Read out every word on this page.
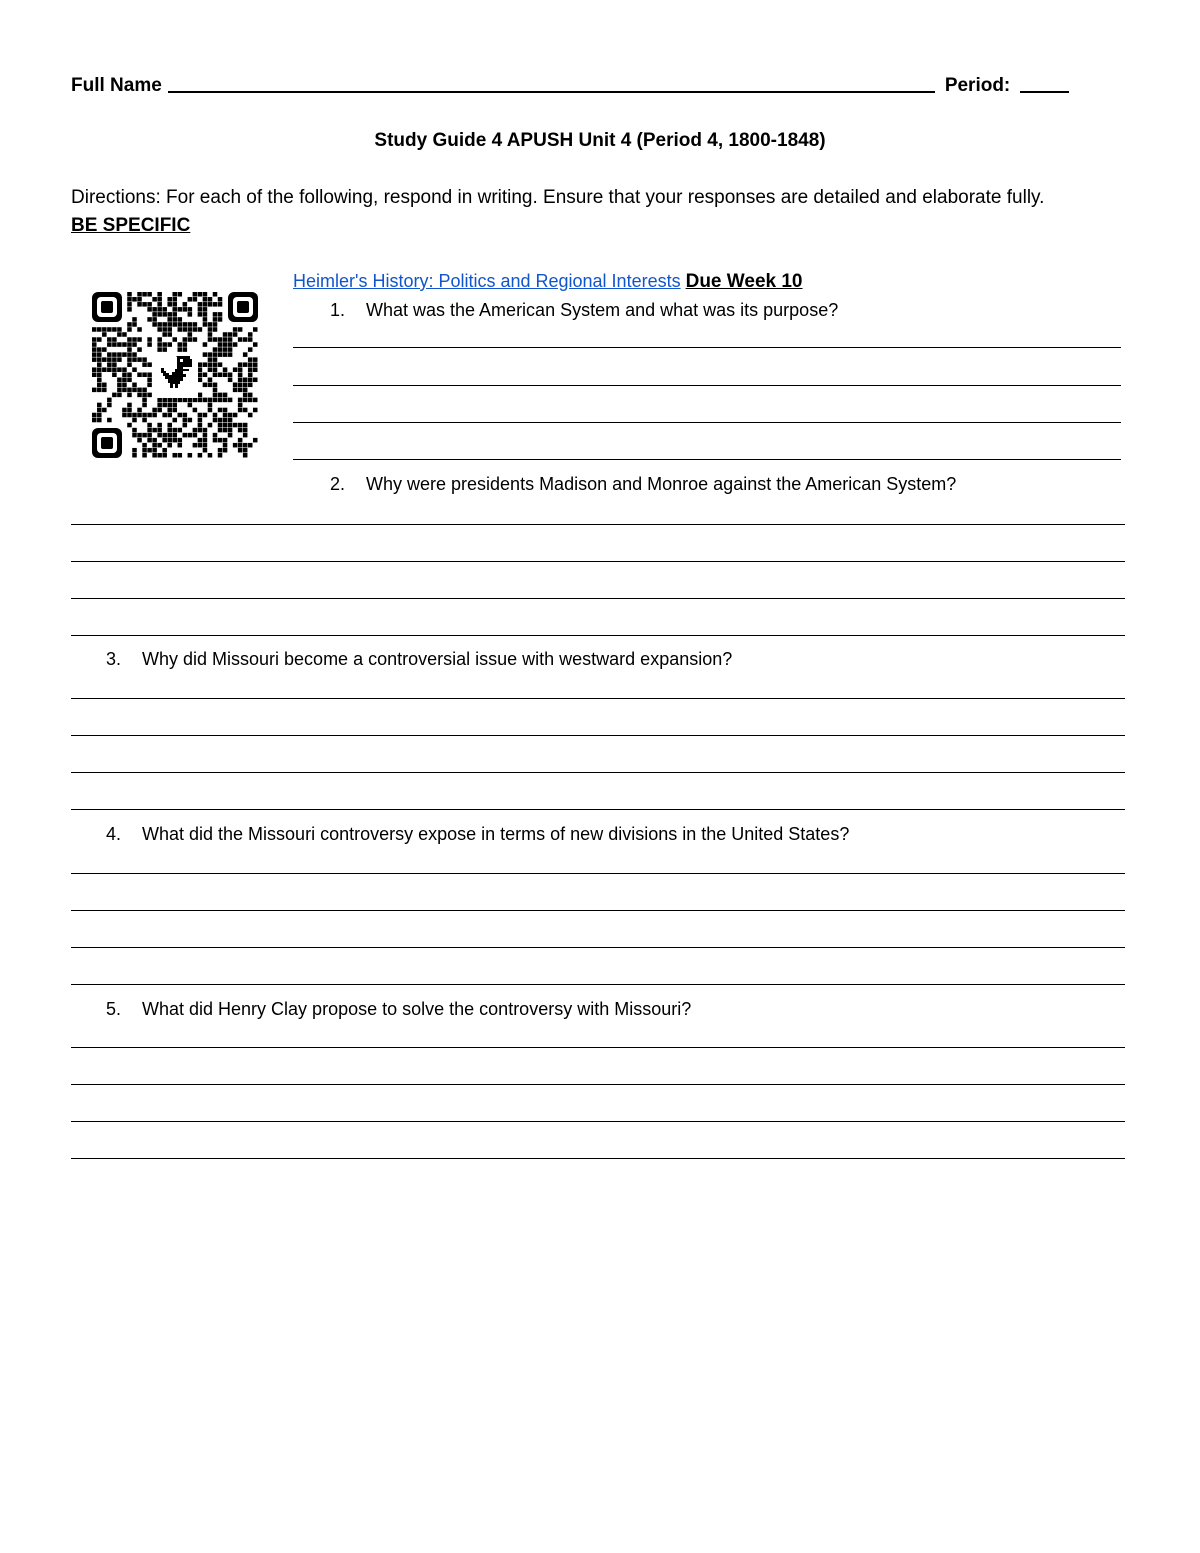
Full Name	Period:
Study Guide 4 APUSH Unit 4 (Period 4, 1800-1848)
Directions: For each of the following, respond in writing. Ensure that your responses are detailed and elaborate fully. BE SPECIFIC
Heimler's History: Politics and Regional Interests Due Week 10
1. What was the American System and what was its purpose?
2. Why were presidents Madison and Monroe against the American System?
3. Why did Missouri become a controversial issue with westward expansion?
4. What did the Missouri controversy expose in terms of new divisions in the United States?
5. What did Henry Clay propose to solve the controversy with Missouri?
